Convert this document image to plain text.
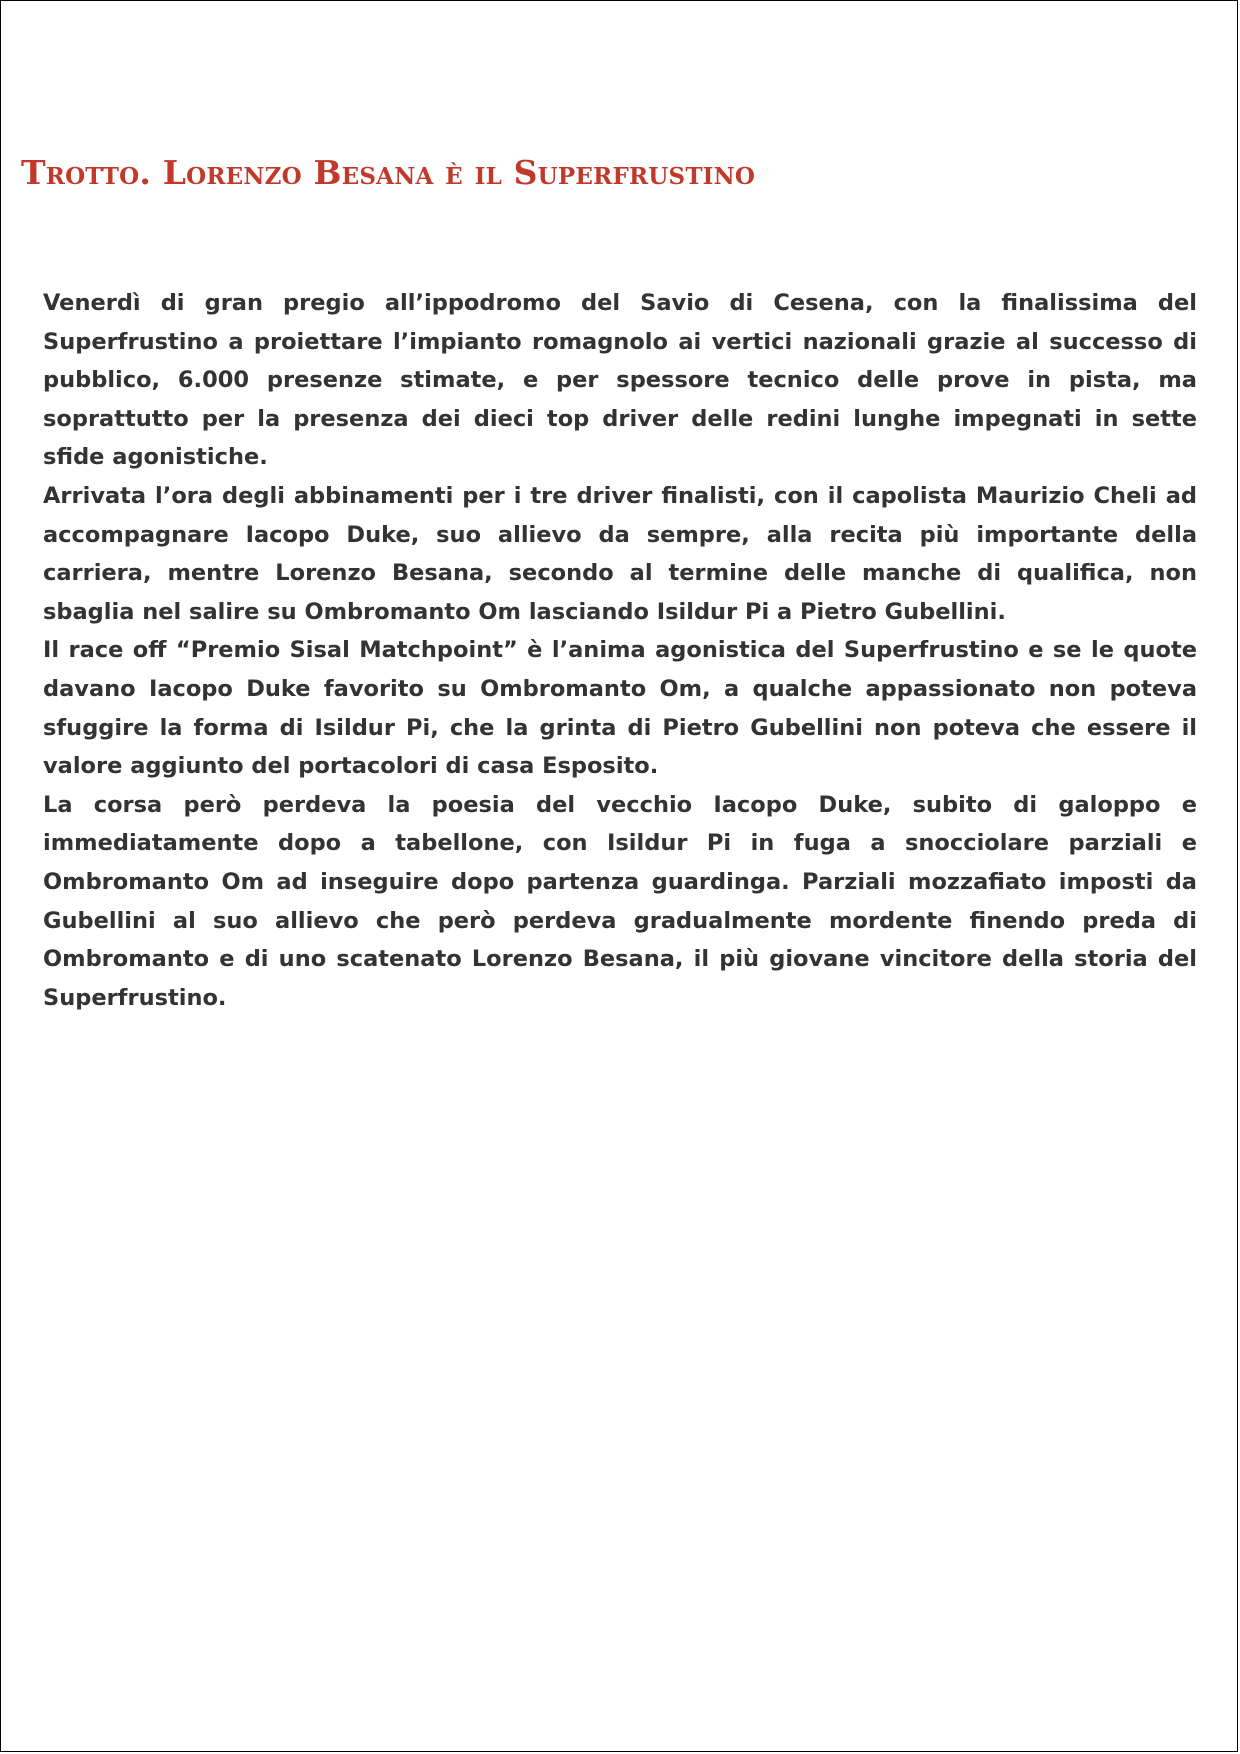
Trotto. Lorenzo Besana è il Superfrustino

Venerdì di gran pregio all’ippodromo del Savio di Cesena, con la finalissima del Superfrustino a proiettare l’impianto romagnolo ai vertici nazionali grazie al successo di pubblico, 6.000 presenze stimate, e per spessore tecnico delle prove in pista, ma soprattutto per la presenza dei dieci top driver delle redini lunghe impegnati in sette sfide agonistiche.

Arrivata l’ora degli abbinamenti per i tre driver finalisti, con il capolista Maurizio Cheli ad accompagnare Iacopo Duke, suo allievo da sempre, alla recita più importante della carriera, mentre Lorenzo Besana, secondo al termine delle manche di qualifica, non sbaglia nel salire su Ombromanto Om lasciando Isildur Pi a Pietro Gubellini.

Il race off “Premio Sisal Matchpoint” è l’anima agonistica del Superfrustino e se le quote davano Iacopo Duke favorito su Ombromanto Om, a qualche appassionato non poteva sfuggire la forma di Isildur Pi, che la grinta di Pietro Gubellini non poteva che essere il valore aggiunto del portacolori di casa Esposito.

La corsa però perdeva la poesia del vecchio Iacopo Duke, subito di galoppo e immediatamente dopo a tabellone, con Isildur Pi in fuga a snocciolare parziali e Ombromanto Om ad inseguire dopo partenza guardinga. Parziali mozzafiato imposti da Gubellini al suo allievo che però perdeva gradualmente mordente finendo preda di Ombromanto e di uno scatenato Lorenzo Besana, il più giovane vincitore della storia del Superfrustino.
